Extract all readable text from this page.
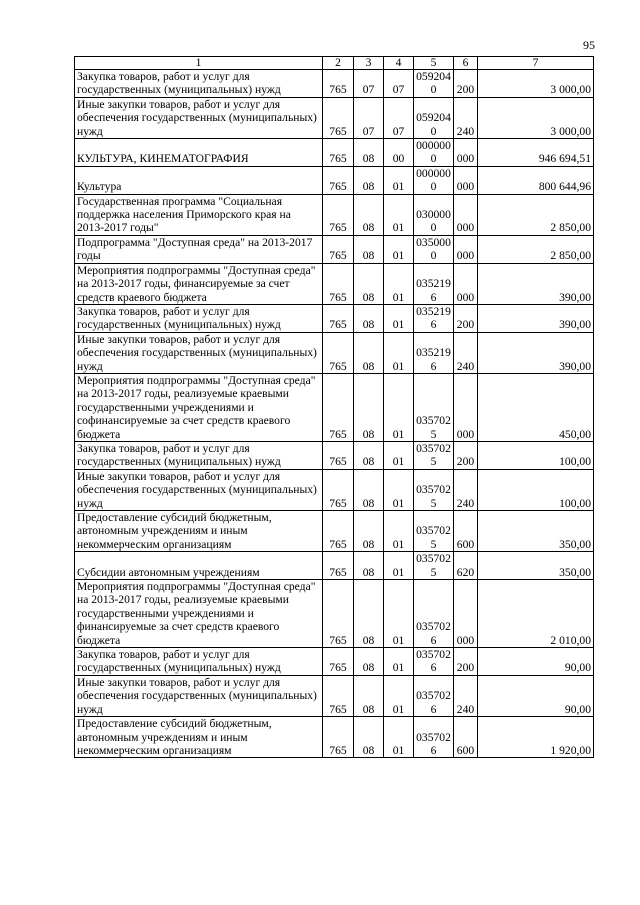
95
1	2	3	4	5	6	7

Закупка товаров, работ и услуг для государственных (муниципальных) нужд	765	07	07	0592040	200	3 000,00

Иные закупки товаров, работ и услуг для обеспечения государственных (муниципальных) нужд	765	07	07	0592040	240	3 000,00

КУЛЬТУРА, КИНЕМАТОГРАФИЯ	765	08	00	0000000	000	946 694,51

Культура	765	08	01	0000000	000	800 644,96

Государственная программа "Социальная поддержка населения Приморского края на 2013-2017 годы"	765	08	01	0300000	000	2 850,00

Подпрограмма "Доступная среда" на 2013-2017 годы	765	08	01	0350000	000	2 850,00

Мероприятия подпрограммы "Доступная среда" на 2013-2017 годы, финансируемые за счет средств краевого бюджета	765	08	01	0352196	000	390,00

Закупка товаров, работ и услуг для государственных (муниципальных) нужд	765	08	01	0352196	200	390,00

Иные закупки товаров, работ и услуг для обеспечения государственных (муниципальных) нужд	765	08	01	0352196	240	390,00

Мероприятия подпрограммы "Доступная среда" на 2013-2017 годы, реализуемые краевыми государственными учреждениями и софинансируемые за счет средств краевого бюджета	765	08	01	0357025	000	450,00

Закупка товаров, работ и услуг для государственных (муниципальных) нужд	765	08	01	0357025	200	100,00

Иные закупки товаров, работ и услуг для обеспечения государственных (муниципальных) нужд	765	08	01	0357025	240	100,00

Предоставление субсидий бюджетным, автономным учреждениям и иным некоммерческим организациям	765	08	01	0357025	600	350,00

Субсидии автономным учреждениям	765	08	01	0357025	620	350,00

Мероприятия подпрограммы "Доступная среда" на 2013-2017 годы, реализуемые краевыми государственными учреждениями и финансируемые за счет средств краевого бюджета	765	08	01	0357026	000	2 010,00

Закупка товаров, работ и услуг для государственных (муниципальных) нужд	765	08	01	0357026	200	90,00

Иные закупки товаров, работ и услуг для обеспечения государственных (муниципальных) нужд	765	08	01	0357026	240	90,00

Предоставление субсидий бюджетным, автономным учреждениям и иным некоммерческим организациям	765	08	01	0357026	600	1 920,00
